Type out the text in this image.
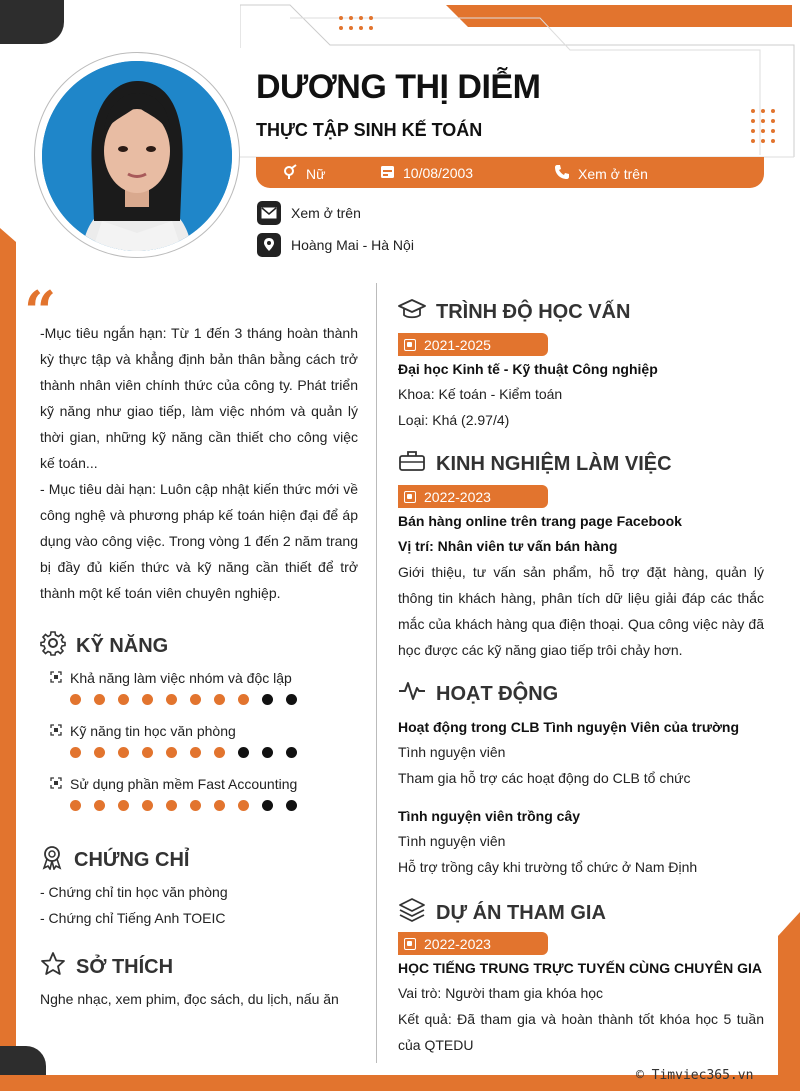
DƯƠNG THỊ DIỄM
THỰC TẬP SINH KẾ TOÁN
Nữ	10/08/2003	Xem ở trên
Xem ở trên
Hoàng Mai - Hà Nội
“

-Mục tiêu ngắn hạn: Từ 1 đến 3 tháng hoàn thành kỳ thực tập và khẳng định bản thân bằng cách trở thành nhân viên chính thức của công ty. Phát triển kỹ năng như giao tiếp, làm việc nhóm và quản lý thời gian, những kỹ năng cần thiết cho công việc kế toán...

- Mục tiêu dài hạn: Luôn cập nhật kiến thức mới về công nghệ và phương pháp kế toán hiện đại để áp dụng vào công việc. Trong vòng 1 đến 2 năm trang bị đầy đủ kiến thức và kỹ năng cần thiết để trở thành một kế toán viên chuyên nghiệp.

KỸ NĂNG
Khả năng làm việc nhóm và độc lập
Kỹ năng tin học văn phòng
Sử dụng phần mềm Fast Accounting
CHỨNG CHỈ
- Chứng chỉ tin học văn phòng
- Chứng chỉ Tiếng Anh TOEIC
SỞ THÍCH
Nghe nhạc, xem phim, đọc sách, du lịch, nấu ăn
TRÌNH ĐỘ HỌC VẤN
2021-2025
Đại học Kinh tế - Kỹ thuật Công nghiệp
Khoa: Kế toán - Kiểm toán
Loại: Khá (2.97/4)
KINH NGHIỆM LÀM VIỆC
2022-2023
Bán hàng online trên trang page Facebook
Vị trí: Nhân viên tư vấn bán hàng
Giới thiệu, tư vấn sản phẩm, hỗ trợ đặt hàng, quản lý thông tin khách hàng, phân tích dữ liệu giải đáp các thắc mắc của khách hàng qua điện thoại. Qua công việc này đã học được các kỹ năng giao tiếp trôi chảy hơn.
HOẠT ĐỘNG
Hoạt động trong CLB Tình nguyện Viên của trường
Tình nguyện viên
Tham gia hỗ trợ các hoạt động do CLB tổ chức
Tình nguyện viên trồng cây
Tình nguyện viên
Hỗ trợ trồng cây khi trường tổ chức ở Nam Định
DỰ ÁN THAM GIA
2022-2023
HỌC TIẾNG TRUNG TRỰC TUYẾN CÙNG CHUYÊN GIA
Vai trò: Người tham gia khóa học
Kết quả: Đã tham gia và hoàn thành tốt khóa học 5 tuần của QTEDU
© Timviec365.vn
